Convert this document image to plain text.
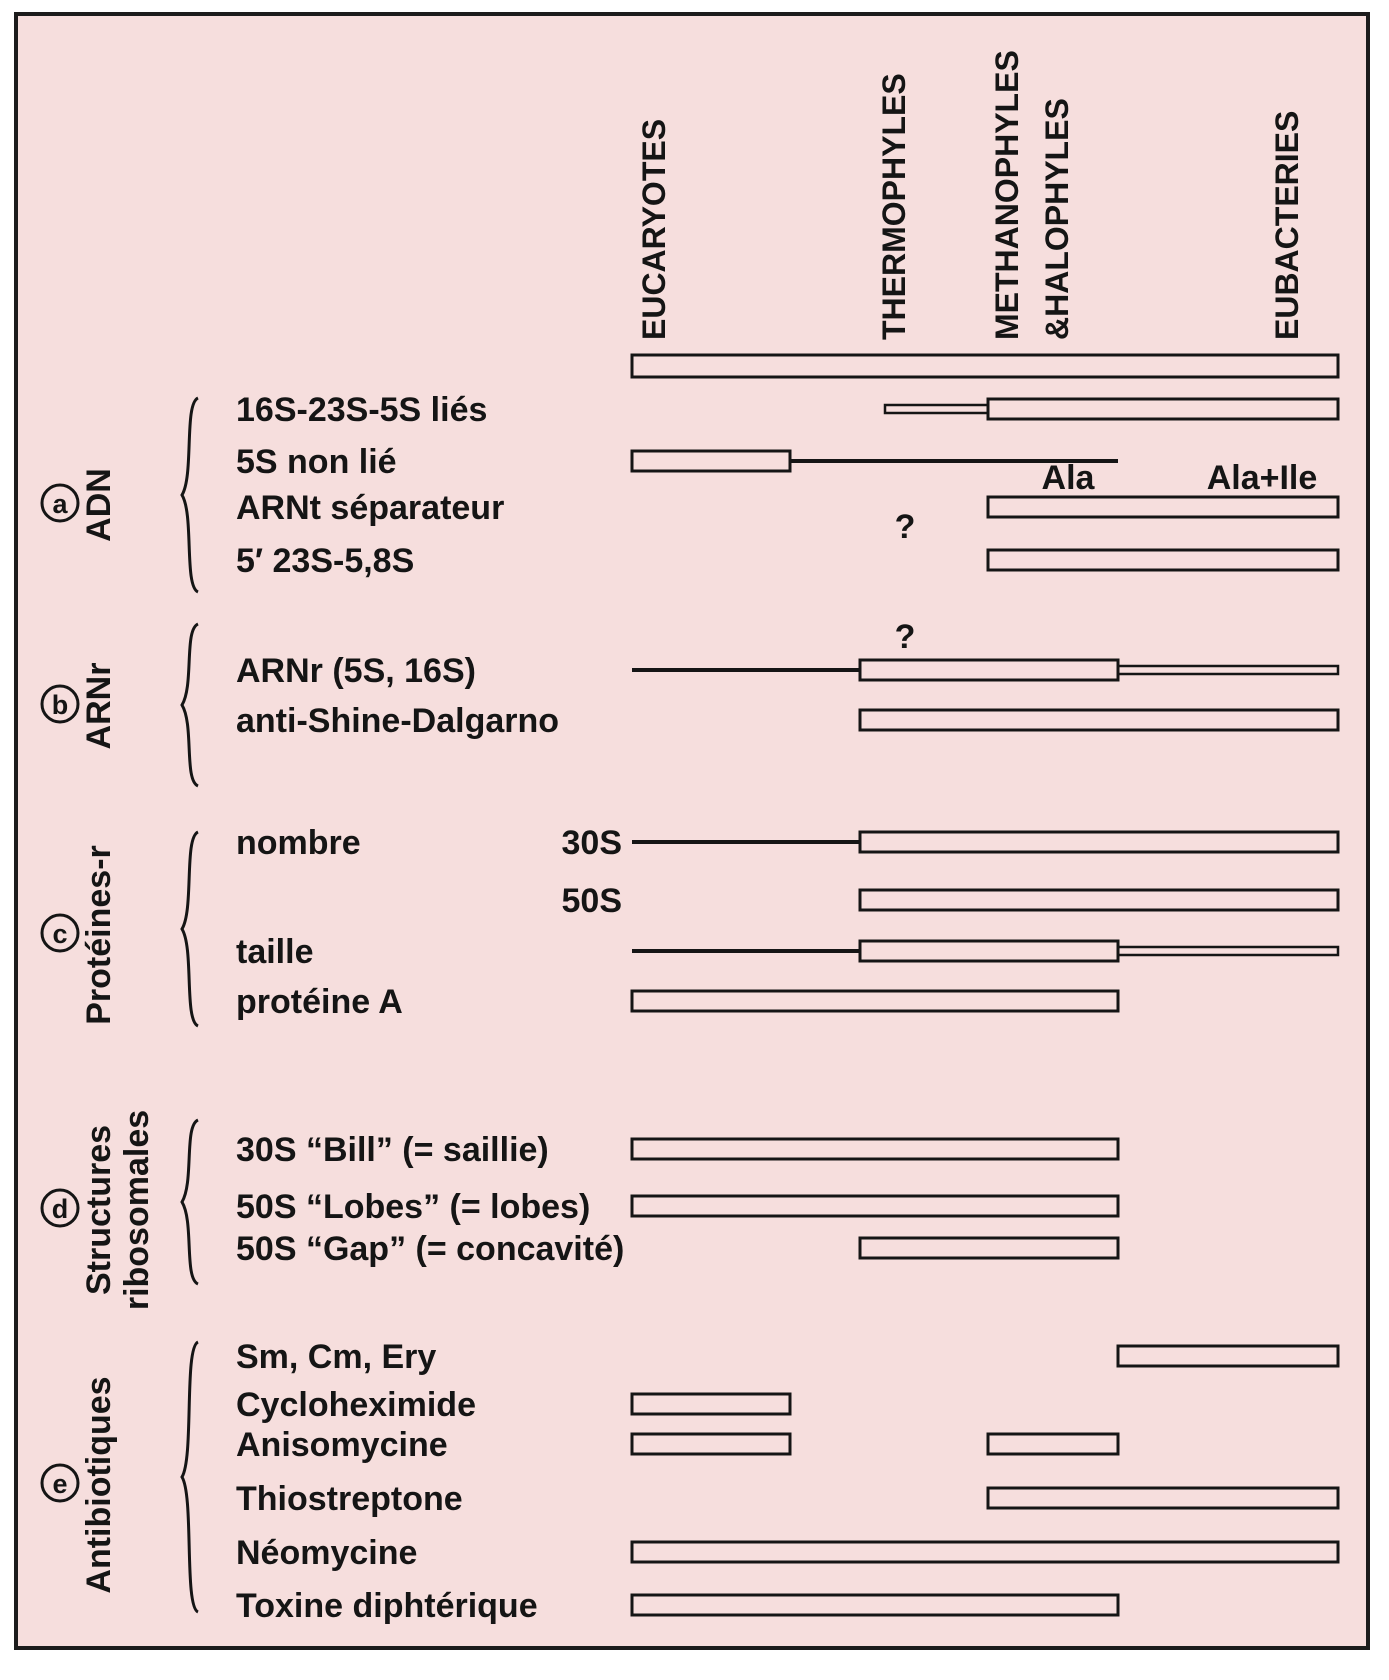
EUCARYOTES	THERMOPHYLES METHANOPHYLES &HALOPHYLES	EUBACTERIES
a ADN
16S-23S-5S liés
5S non lié	Ala	Ala+Ile
ARNt séparateur
5′ 23S-5,8S
?
b ARNr	ARNr (5S, 16S)
?
anti-Shine-Dalgarno
c Protéines-r
nombre	30S
50S
taille
protéine A
d Structures ribosomales 30S “Bill” (= saillie)
50S “Lobes” (= lobes)
50S “Gap” (= concavité)
e Antibiotiques
Sm, Cm, Ery
Cycloheximide
Anisomycine
Thiostreptone
Néomycine
Toxine diphtérique
